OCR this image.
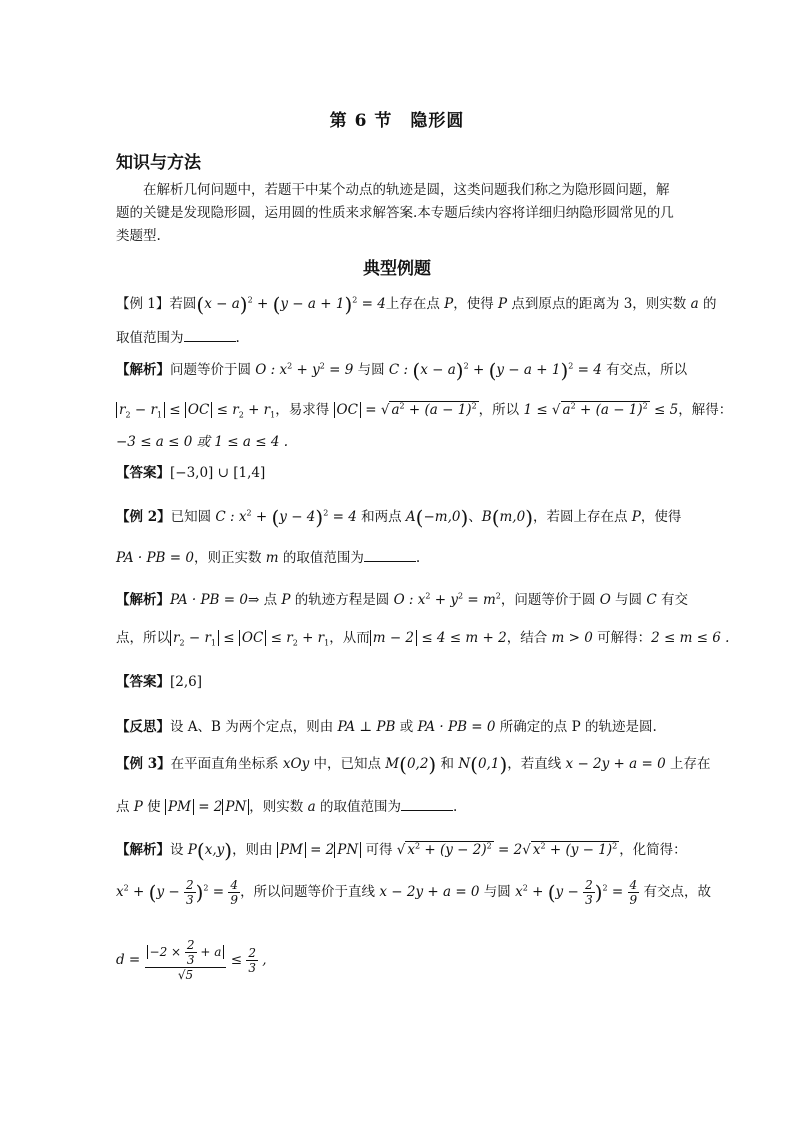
第 6 节　隐形圆
知识与方法
在解析几何问题中，若题干中某个动点的轨迹是圆，这类问题我们称之为隐形圆问题，解题的关键是发现隐形圆，运用圆的性质来求解答案.本专题后续内容将详细归纳隐形圆常见的几类题型.
典型例题
【例 1】若圆$(x - a)^2 + (y - a + 1)^2 = 4$上存在点 P，使得 P 点到原点的距离为 3，则实数 a 的
取值范围为	.
【解析】问题等价于圆 O : $x^2 + y^2 = 9$ 与圆 C : $(x - a)^2 + (y - a + 1)^2 = 4$ 有交点，所以
$r_2 - r_1$ ≤ OC ≤ $r_2 + r_1$，易求得 OC = √ $a^2 + (a - 1)^2$ ，所以 1 ≤ √ $a^2 + (a - 1)^2 \le 5$，解得：
−3 ≤ a ≤ 0 或 1 ≤ a ≤ 4 .
【答案】[−3,0] ∪ [1,4]
【例 2】已知圆 C : $x^2 + (y - 4)^2 = 4$ 和两点 A(−m,0)、B(m,0)，若圆上存在点 P，使得
PA · PB = 0，则正实数 m 的取值范围为	.
【解析】PA · PB = 0⇒ 点 P 的轨迹方程是圆 O : $x^2 + y^2 = m^2$，问题等价于圆 O 与圆 C 有交
点，所以 $r_2 - r_1$ ≤ OC ≤ $r_2 + r_1$，从而 m − 2 ≤ 4 ≤ m + 2，结合 m > 0 可解得：2 ≤ m ≤ 6 .
【答案】[2,6]
【反思】设 A、B 为两个定点，则由 PA ⊥ PB 或 PA · PB = 0 所确定的点 P 的轨迹是圆.
【例 3】在平面直角坐标系 xOy 中，已知点 M(0,2) 和 N(0,1)，若直线 x − 2y + a = 0 上存在
点 P 使 PM = 2 PN ，则实数 a 的取值范围为	.
【解析】设 P(x,y)，则由 PM = 2 PN 可得 √ $x^2 + (y - 2)^2 = 2√$ $x^2 + (y - 1)^2$ ，化简得：
$x^2 + (y - \frac{2}{3} )^2 = \frac{4}{9}$ ，所以问题等价于直线 x − 2y + a = 0 与圆 $x^2 + (y - \frac{2}{3} )^2 = \frac{4}{9}$ 有交点，故
$d = \frac{-2 \times \frac{2}{3} + a}{√5} \le \frac{2}{3}$ ,
